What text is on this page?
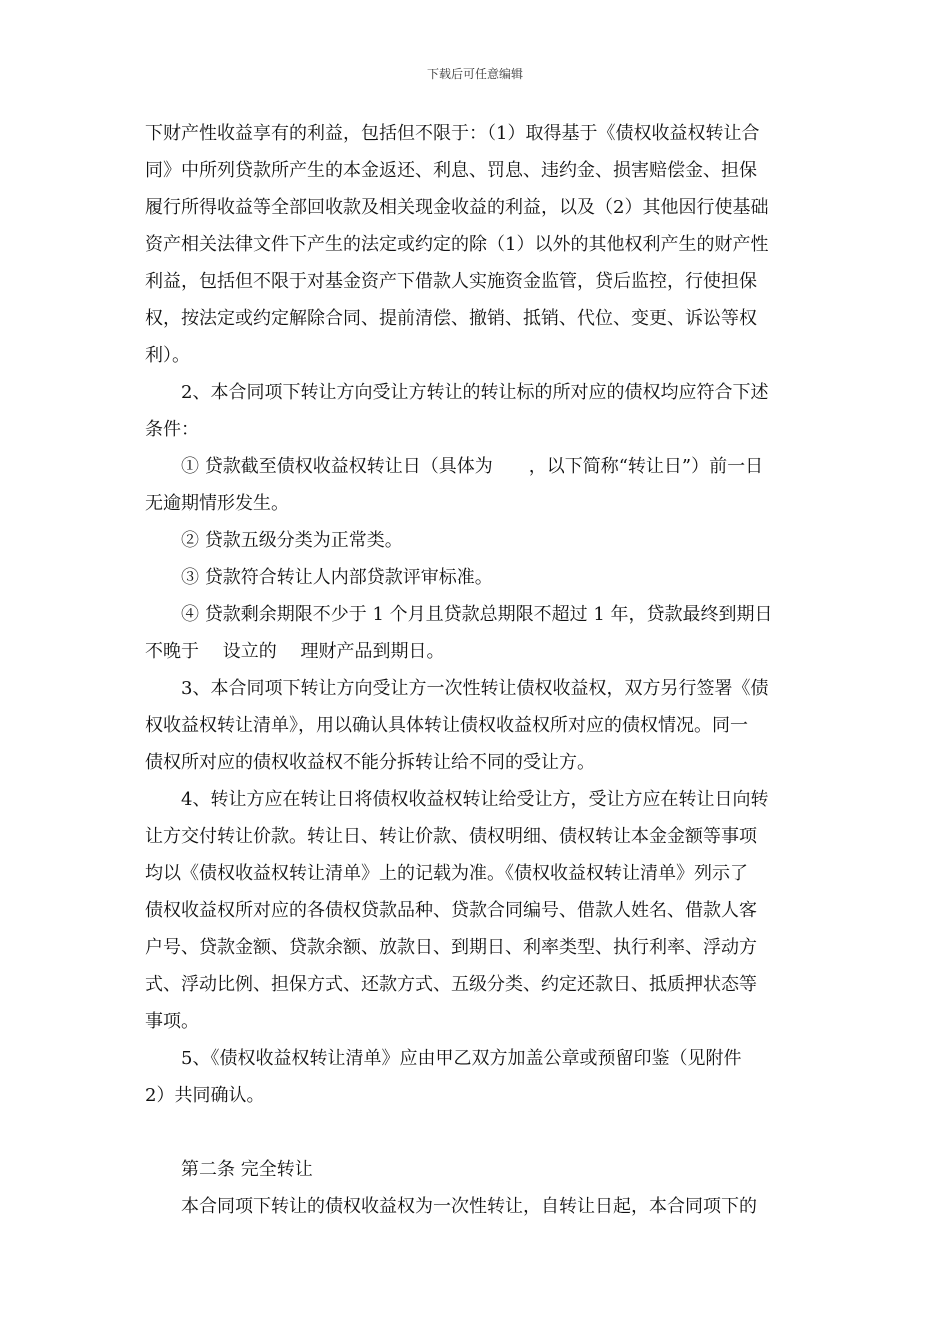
下载后可任意编辑
下财产性收益享有的利益，包括但不限于：（1）取得基于《债权收益权转让合
同》中所列贷款所产生的本金返还、利息、罚息、违约金、损害赔偿金、担保
履行所得收益等全部回收款及相关现金收益的利益，以及（2）其他因行使基础
资产相关法律文件下产生的法定或约定的除（1）以外的其他权利产生的财产性
利益，包括但不限于对基金资产下借款人实施资金监管，贷后监控，行使担保
权，按法定或约定解除合同、提前清偿、撤销、抵销、代位、变更、诉讼等权
利）。
2、本合同项下转让方向受让方转让的转让标的所对应的债权均应符合下述
条件：
① 贷款截至债权收益权转让日（具体为　　，以下简称“转让日”）前一日
无逾期情形发生。
② 贷款五级分类为正常类。
③ 贷款符合转让人内部贷款评审标准。
④ 贷款剩余期限不少于 1 个月且贷款总期限不超过 1 年，贷款最终到期日
不晚于　 设立的　 理财产品到期日。
3、本合同项下转让方向受让方一次性转让债权收益权，双方另行签署《债
权收益权转让清单》，用以确认具体转让债权收益权所对应的债权情况。同一
债权所对应的债权收益权不能分拆转让给不同的受让方。
4、转让方应在转让日将债权收益权转让给受让方，受让方应在转让日向转
让方交付转让价款。转让日、转让价款、债权明细、债权转让本金金额等事项
均以《债权收益权转让清单》上的记载为准。《债权收益权转让清单》列示了
债权收益权所对应的各债权贷款品种、贷款合同编号、借款人姓名、借款人客
户号、贷款金额、贷款余额、放款日、到期日、利率类型、执行利率、浮动方
式、浮动比例、担保方式、还款方式、五级分类、约定还款日、抵质押状态等
事项。
5、《债权收益权转让清单》应由甲乙双方加盖公章或预留印鉴（见附件
2）共同确认。
第二条 完全转让
本合同项下转让的债权收益权为一次性转让，自转让日起，本合同项下的
